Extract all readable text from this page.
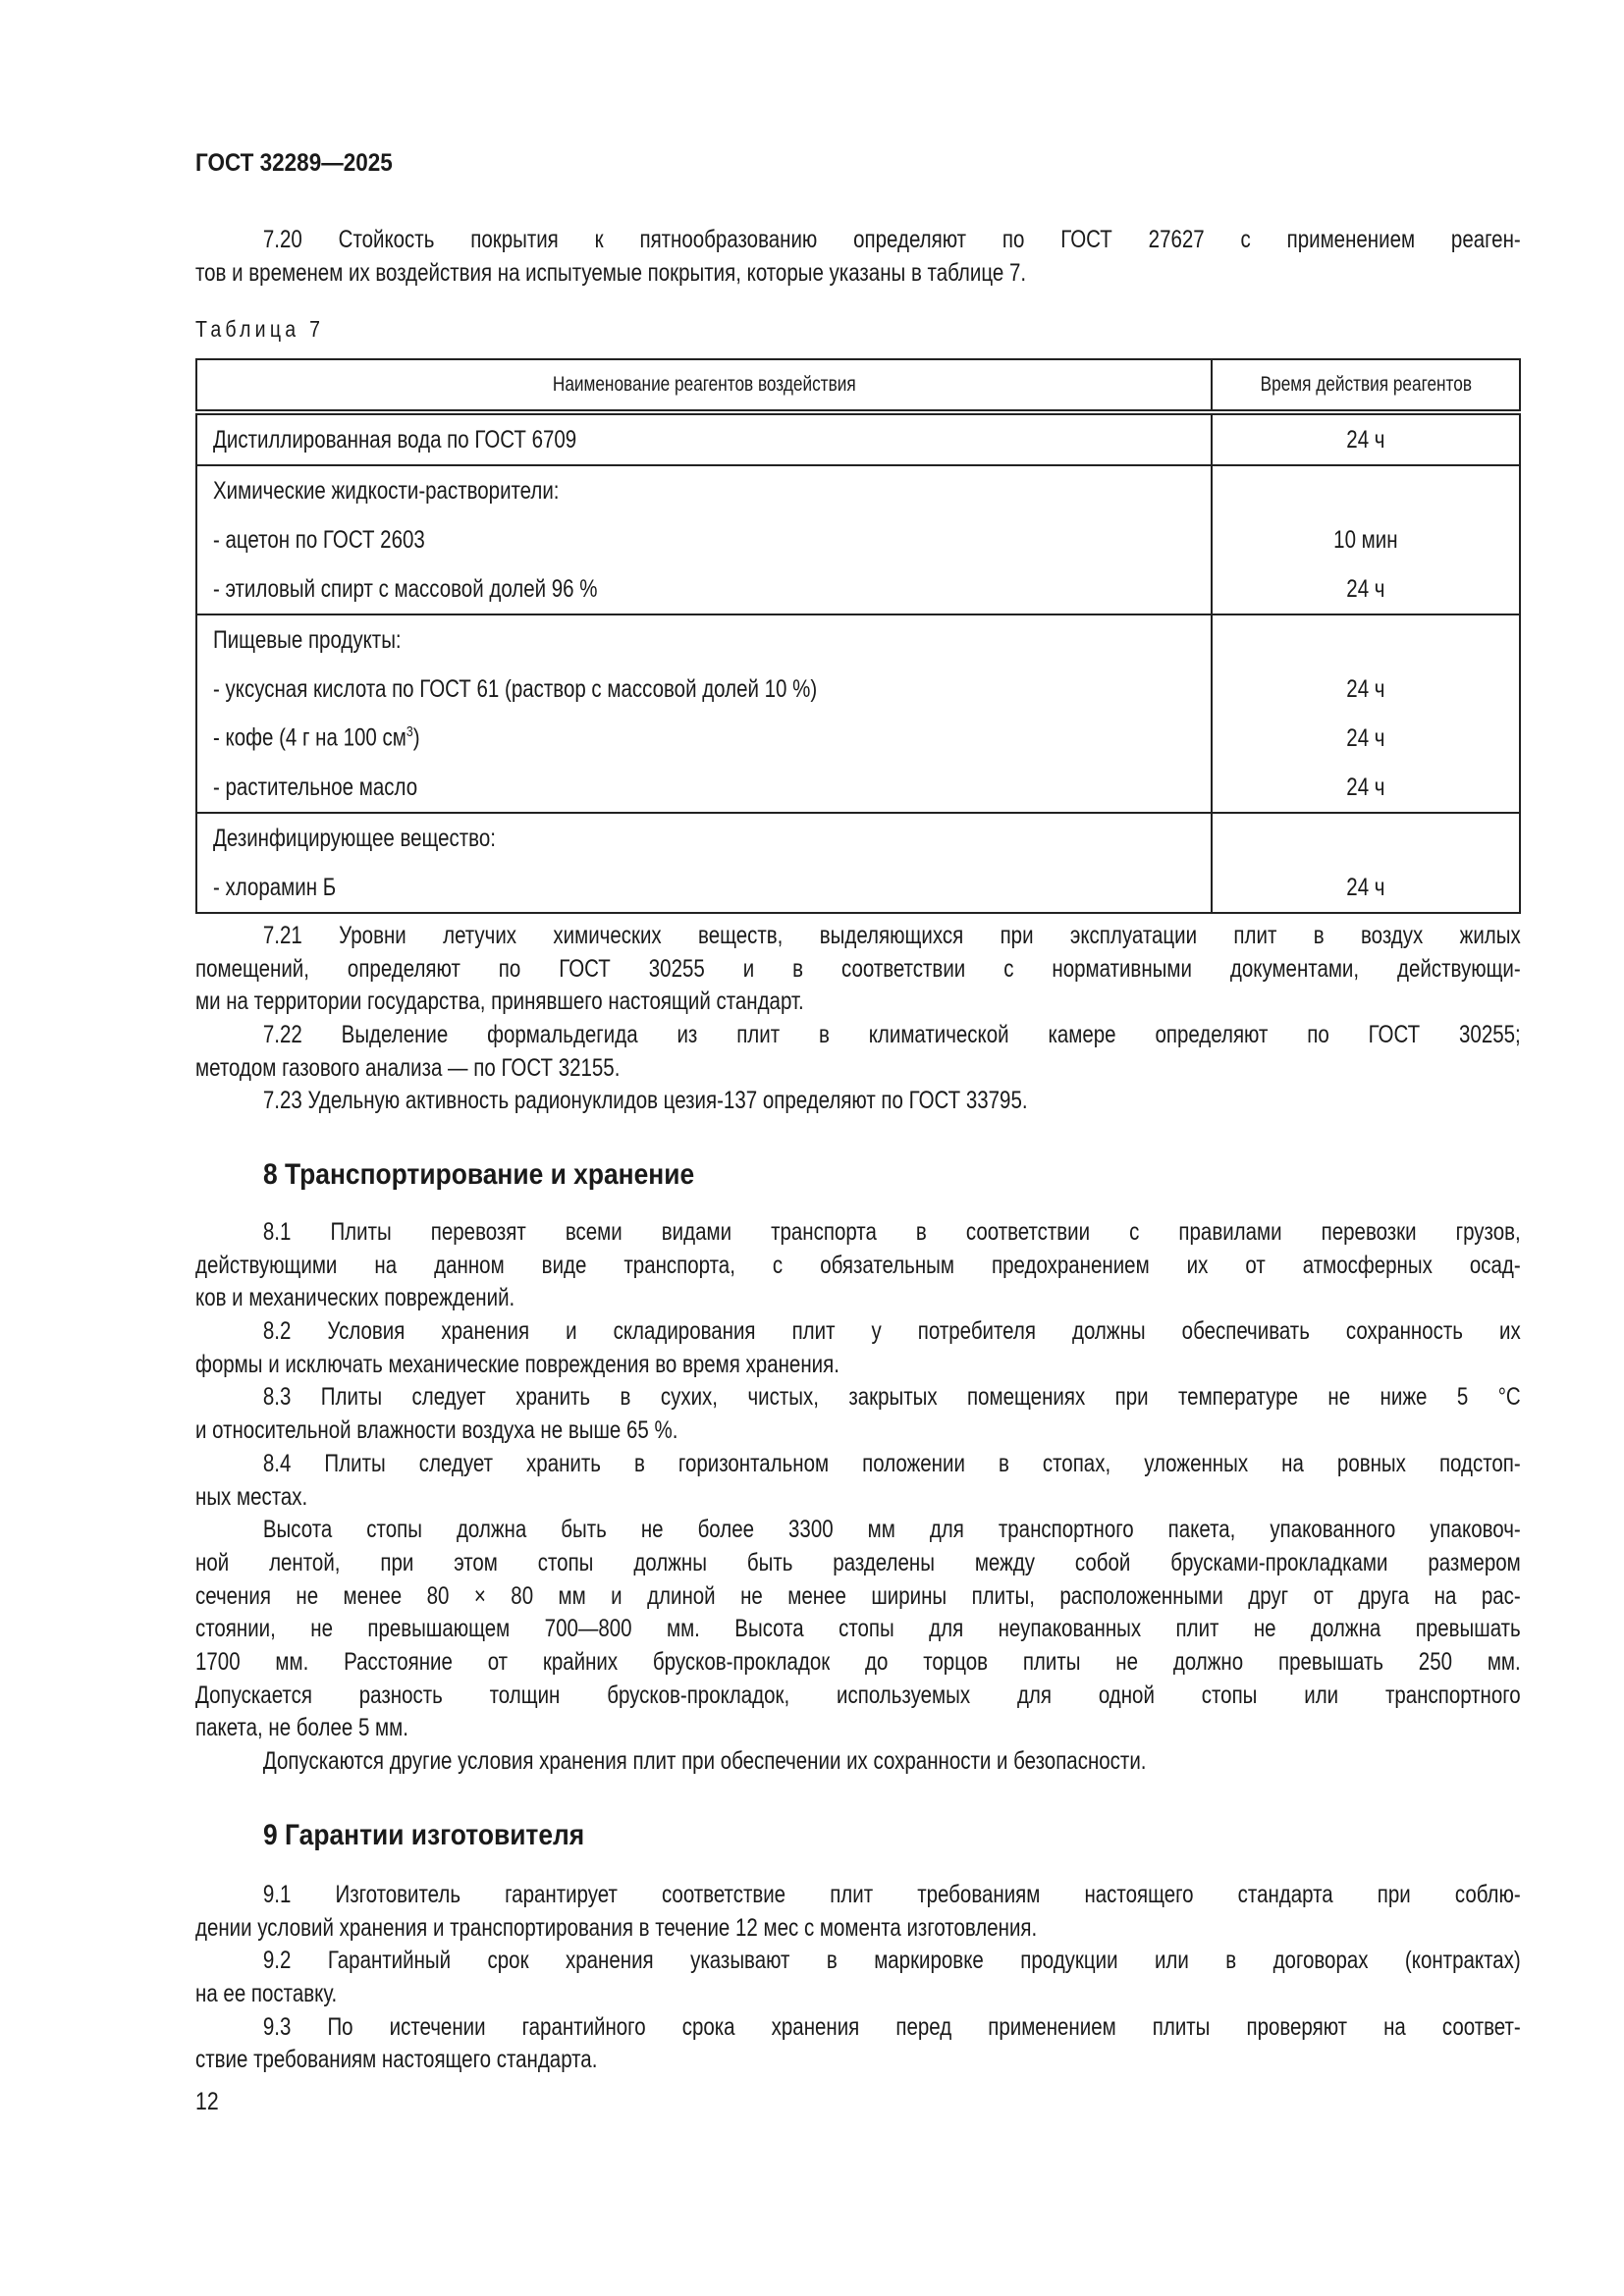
ГОСТ 32289—2025
7.20 Стойкость покрытия к пятнообразованию определяют по ГОСТ 27627 с применением реаген-
тов и временем их воздействия на испытуемые покрытия, которые указаны в таблице 7.
Таблица 7
Наименование реагентов воздействия	Время действия реагентов
Дистиллированная вода по ГОСТ 6709	24 ч
Химические жидкости-растворители:	
- ацетон по ГОСТ 2603	10 мин
- этиловый спирт с массовой долей 96 %	24 ч
Пищевые продукты:	
- уксусная кислота по ГОСТ 61 (раствор с массовой долей 10 %)	24 ч
- кофе (4 г на 100 $см^3$)	24 ч
- растительное масло	24 ч
Дезинфицирующее вещество:	
- хлорамин Б	24 ч
7.21 Уровни летучих химических веществ, выделяющихся при эксплуатации плит в воздух жилых
помещений, определяют по ГОСТ 30255 и в соответствии с нормативными документами, действующи-
ми на территории государства, принявшего настоящий стандарт.
7.22 Выделение формальдегида из плит в климатической камере определяют по ГОСТ 30255;
методом газового анализа — по ГОСТ 32155.
7.23 Удельную активность радионуклидов цезия-137 определяют по ГОСТ 33795.
8 Транспортирование и хранение
8.1 Плиты перевозят всеми видами транспорта в соответствии с правилами перевозки грузов,
действующими на данном виде транспорта, с обязательным предохранением их от атмосферных осад-
ков и механических повреждений.
8.2 Условия хранения и складирования плит у потребителя должны обеспечивать сохранность их
формы и исключать механические повреждения во время хранения.
8.3 Плиты следует хранить в сухих, чистых, закрытых помещениях при температуре не ниже 5 °С
и относительной влажности воздуха не выше 65 %.
8.4 Плиты следует хранить в горизонтальном положении в стопах, уложенных на ровных подстоп-
ных местах.
Высота стопы должна быть не более 3300 мм для транспортного пакета, упакованного упаковоч-
ной лентой, при этом стопы должны быть разделены между собой брусками-прокладками размером
сечения не менее 80 × 80 мм и длиной не менее ширины плиты, расположенными друг от друга на рас-
стоянии, не превышающем 700—800 мм. Высота стопы для неупакованных плит не должна превышать
1700 мм. Расстояние от крайних брусков-прокладок до торцов плиты не должно превышать 250 мм.
Допускается разность толщин брусков-прокладок, используемых для одной стопы или транспортного
пакета, не более 5 мм.
Допускаются другие условия хранения плит при обеспечении их сохранности и безопасности.
9 Гарантии изготовителя
9.1 Изготовитель гарантирует соответствие плит требованиям настоящего стандарта при соблю-
дении условий хранения и транспортирования в течение 12 мес с момента изготовления.
9.2 Гарантийный срок хранения указывают в маркировке продукции или в договорах (контрактах)
на ее поставку.
9.3 По истечении гарантийного срока хранения перед применением плиты проверяют на соответ-
ствие требованиям настоящего стандарта.
12
